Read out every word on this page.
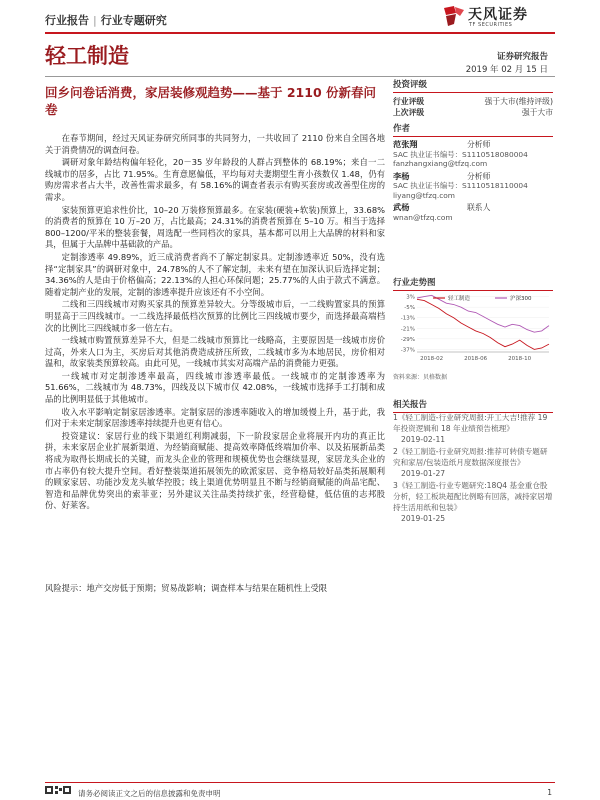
行业报告 | 行业专题研究	天风证券
TF SECURITIES
轻工制造	证券研究报告
2019 年 02 月 15 日
回乡问卷话消费，家居装修观趋势——基于 2110 份新春问卷

在春节期间，经过天风证券研究所同事的共同努力，一共收回了 2110 份来自全国各地关于消费情况的调查问卷。

调研对象年龄结构偏年轻化，20－35 岁年龄段的人群占到整体的 68.19%；来自一二线城市的居多，占比 71.95%。生育意愿偏低，平均每对夫妻期望生育小孩数仅 1.48，仍有购房需求者占大半，改善性需求最多，有 58.16%的调查者表示有购买套房或改善型住房的需求。

家装预算更追求性价比，10–20 万装修预算最多。在家装(硬装+软装)预算上，33.68%的消费者的预算在 10 万–20 万，占比最高；24.31%的消费者预算在 5–10 万。相当于选择 800–1200/平米的整装套餐，周选配一些同档次的家具，基本都可以用上大品牌的材料和家具，但属于大品牌中基础款的产品。

定制渗透率 49.89%，近三成消费者尚不了解定制家具。定制渗透率近 50%，没有选择“定制家具”的调研对象中，24.78%的人不了解定制，未来有望在加深认识后选择定制；34.36%的人是由于价格偏高；22.13%的人担心环保问题；25.77%的人由于款式不满意。随着定制产业的发展，定制的渗透率提升应该还有不小空间。

二线和三四线城市对购买家具的预算差异较大。分等级城市后，一二线购置家具的预算明显高于三四线城市。一二线选择最低档次预算的比例比三四线城市要少，而选择最高端档次的比例比三四线城市多一倍左右。

一线城市购置预算差异不大，但是二线城市预算比一线略高，主要原因是一线城市房价过高，外来人口为主，买房后对其他消费造成挤压所致，二线城市多为本地居民，房价相对温和，故家装类预算较高。由此可见，一线城市其实对高端产品的消费能力更强。

一线城市对定制渗透率最高，四线城市渗透率最低。一线城市的定制渗透率为 51.66%，二线城市为 48.73%，四线及以下城市仅 42.08%，一线城市选择手工打制和成品的比例明显低于其他城市。

收入水平影响定制家居渗透率。定制家居的渗透率随收入的增加缓慢上升，基于此，我们对于未来定制家居渗透率持续提升也更有信心。

投资建议：家居行业的线下渠道红利期减弱，下一阶段家居企业将展开内功的真正比拼，未来家居企业扩展新渠道、为经销商赋能、提高效率降低终端加价率、以及拓展新品类将成为取得长期成长的关键，而龙头企业的管理和规模优势也会继续显现，家居龙头企业的市占率仍有较大提升空间。看好整装渠道拓展领先的欧派家居、竞争格局较好品类拓展顺利的顾家家居、功能沙发龙头敏华控股；线上渠道优势明显且不断与经销商赋能的尚品宅配、智造和品牌优势突出的索菲亚；另外建议关注品类持续扩张，经营稳健，低估值的志邦股份、好莱客。

风险提示：地产交房低于预期；贸易战影响；调查样本与结果在随机性上受限
投资评级
行业评级	强于大市(维持评级)
上次评级	强于大市
作者
范张翔	分析师
SAC 执业证书编号：S1110518080004
fanzhangxiang@tfzq.com
李杨	分析师
SAC 执业证书编号：S1110518110004
liyang@tfzq.com
武杨	联系人
wnan@tfzq.com
行业走势图
3%
-5%
-13%
-21%
-29%
-37%
2018-02	2018-06	2018-10
轻工制造	沪深300
资料来源：贝格数据
相关报告
1《轻工制造-行业研究周报:开工大吉!推荐 19 年投资逻辑和 18 年业绩预告梳理》
2019-02-11
2《轻工制造-行业研究周报:推荐可转债专题研究和家居/包装造纸月度数据深度报告》
2019-01-27
3《轻工制造-行业专题研究:18Q4 基金重仓股分析，轻工板块超配比例略有回落，减持家居增持生活用纸和包装》
2019-01-25
请务必阅读正文之后的信息披露和免责申明	1
